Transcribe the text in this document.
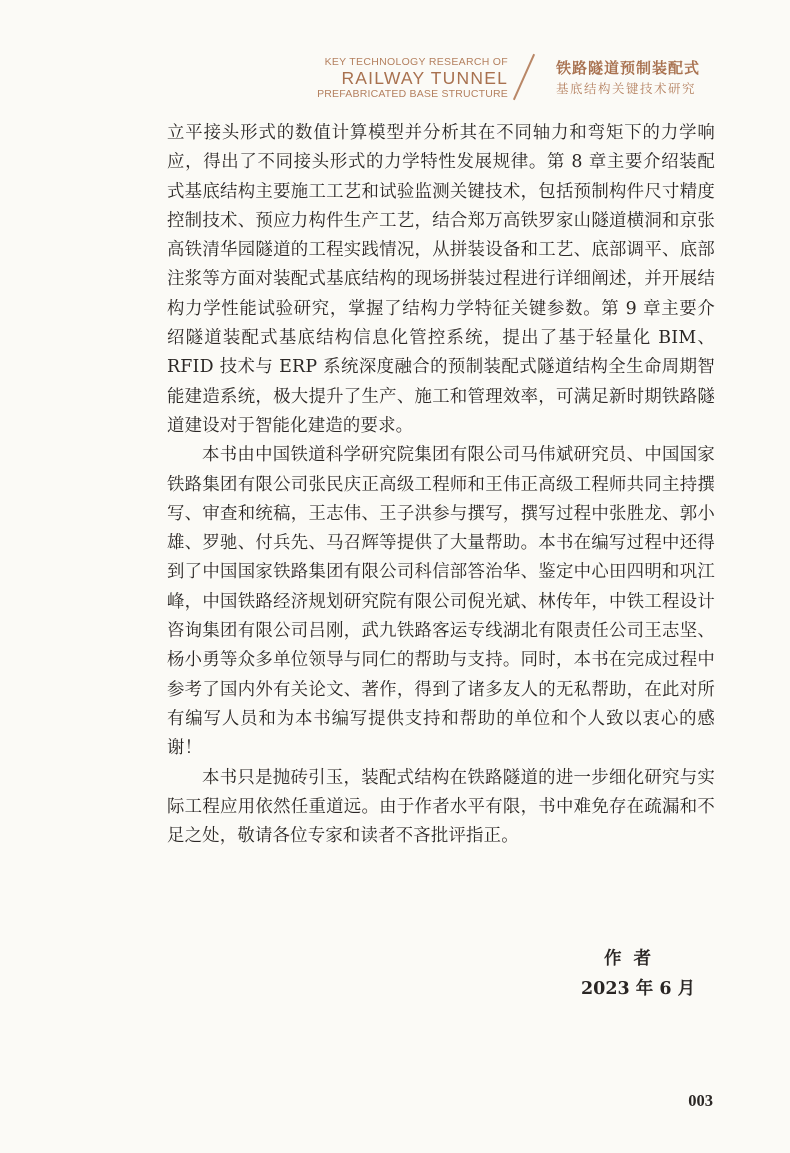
KEY TECHNOLOGY RESEARCH OF
RAILWAY TUNNEL
PREFABRICATED BASE STRUCTURE
铁路隧道预制装配式
基底结构关键技术研究

立平接头形式的数值计算模型并分析其在不同轴力和弯矩下的力学响应，得出了不同接头形式的力学特性发展规律。第 8 章主要介绍装配式基底结构主要施工工艺和试验监测关键技术，包括预制构件尺寸精度控制技术、预应力构件生产工艺，结合郑万高铁罗家山隧道横洞和京张高铁清华园隧道的工程实践情况，从拼装设备和工艺、底部调平、底部注浆等方面对装配式基底结构的现场拼装过程进行详细阐述，并开展结构力学性能试验研究，掌握了结构力学特征关键参数。第 9 章主要介绍隧道装配式基底结构信息化管控系统，提出了基于轻量化 BIM、RFID 技术与 ERP 系统深度融合的预制装配式隧道结构全生命周期智能建造系统，极大提升了生产、施工和管理效率，可满足新时期铁路隧道建设对于智能化建造的要求。

本书由中国铁道科学研究院集团有限公司马伟斌研究员、中国国家铁路集团有限公司张民庆正高级工程师和王伟正高级工程师共同主持撰写、审查和统稿，王志伟、王子洪参与撰写，撰写过程中张胜龙、郭小雄、罗驰、付兵先、马召辉等提供了大量帮助。本书在编写过程中还得到了中国国家铁路集团有限公司科信部答治华、鉴定中心田四明和巩江峰，中国铁路经济规划研究院有限公司倪光斌、林传年，中铁工程设计咨询集团有限公司吕刚，武九铁路客运专线湖北有限责任公司王志坚、杨小勇等众多单位领导与同仁的帮助与支持。同时，本书在完成过程中参考了国内外有关论文、著作，得到了诸多友人的无私帮助，在此对所有编写人员和为本书编写提供支持和帮助的单位和个人致以衷心的感谢！

本书只是抛砖引玉，装配式结构在铁路隧道的进一步细化研究与实际工程应用依然任重道远。由于作者水平有限，书中难免存在疏漏和不足之处，敬请各位专家和读者不吝批评指正。

作者
2023 年 6 月
003
